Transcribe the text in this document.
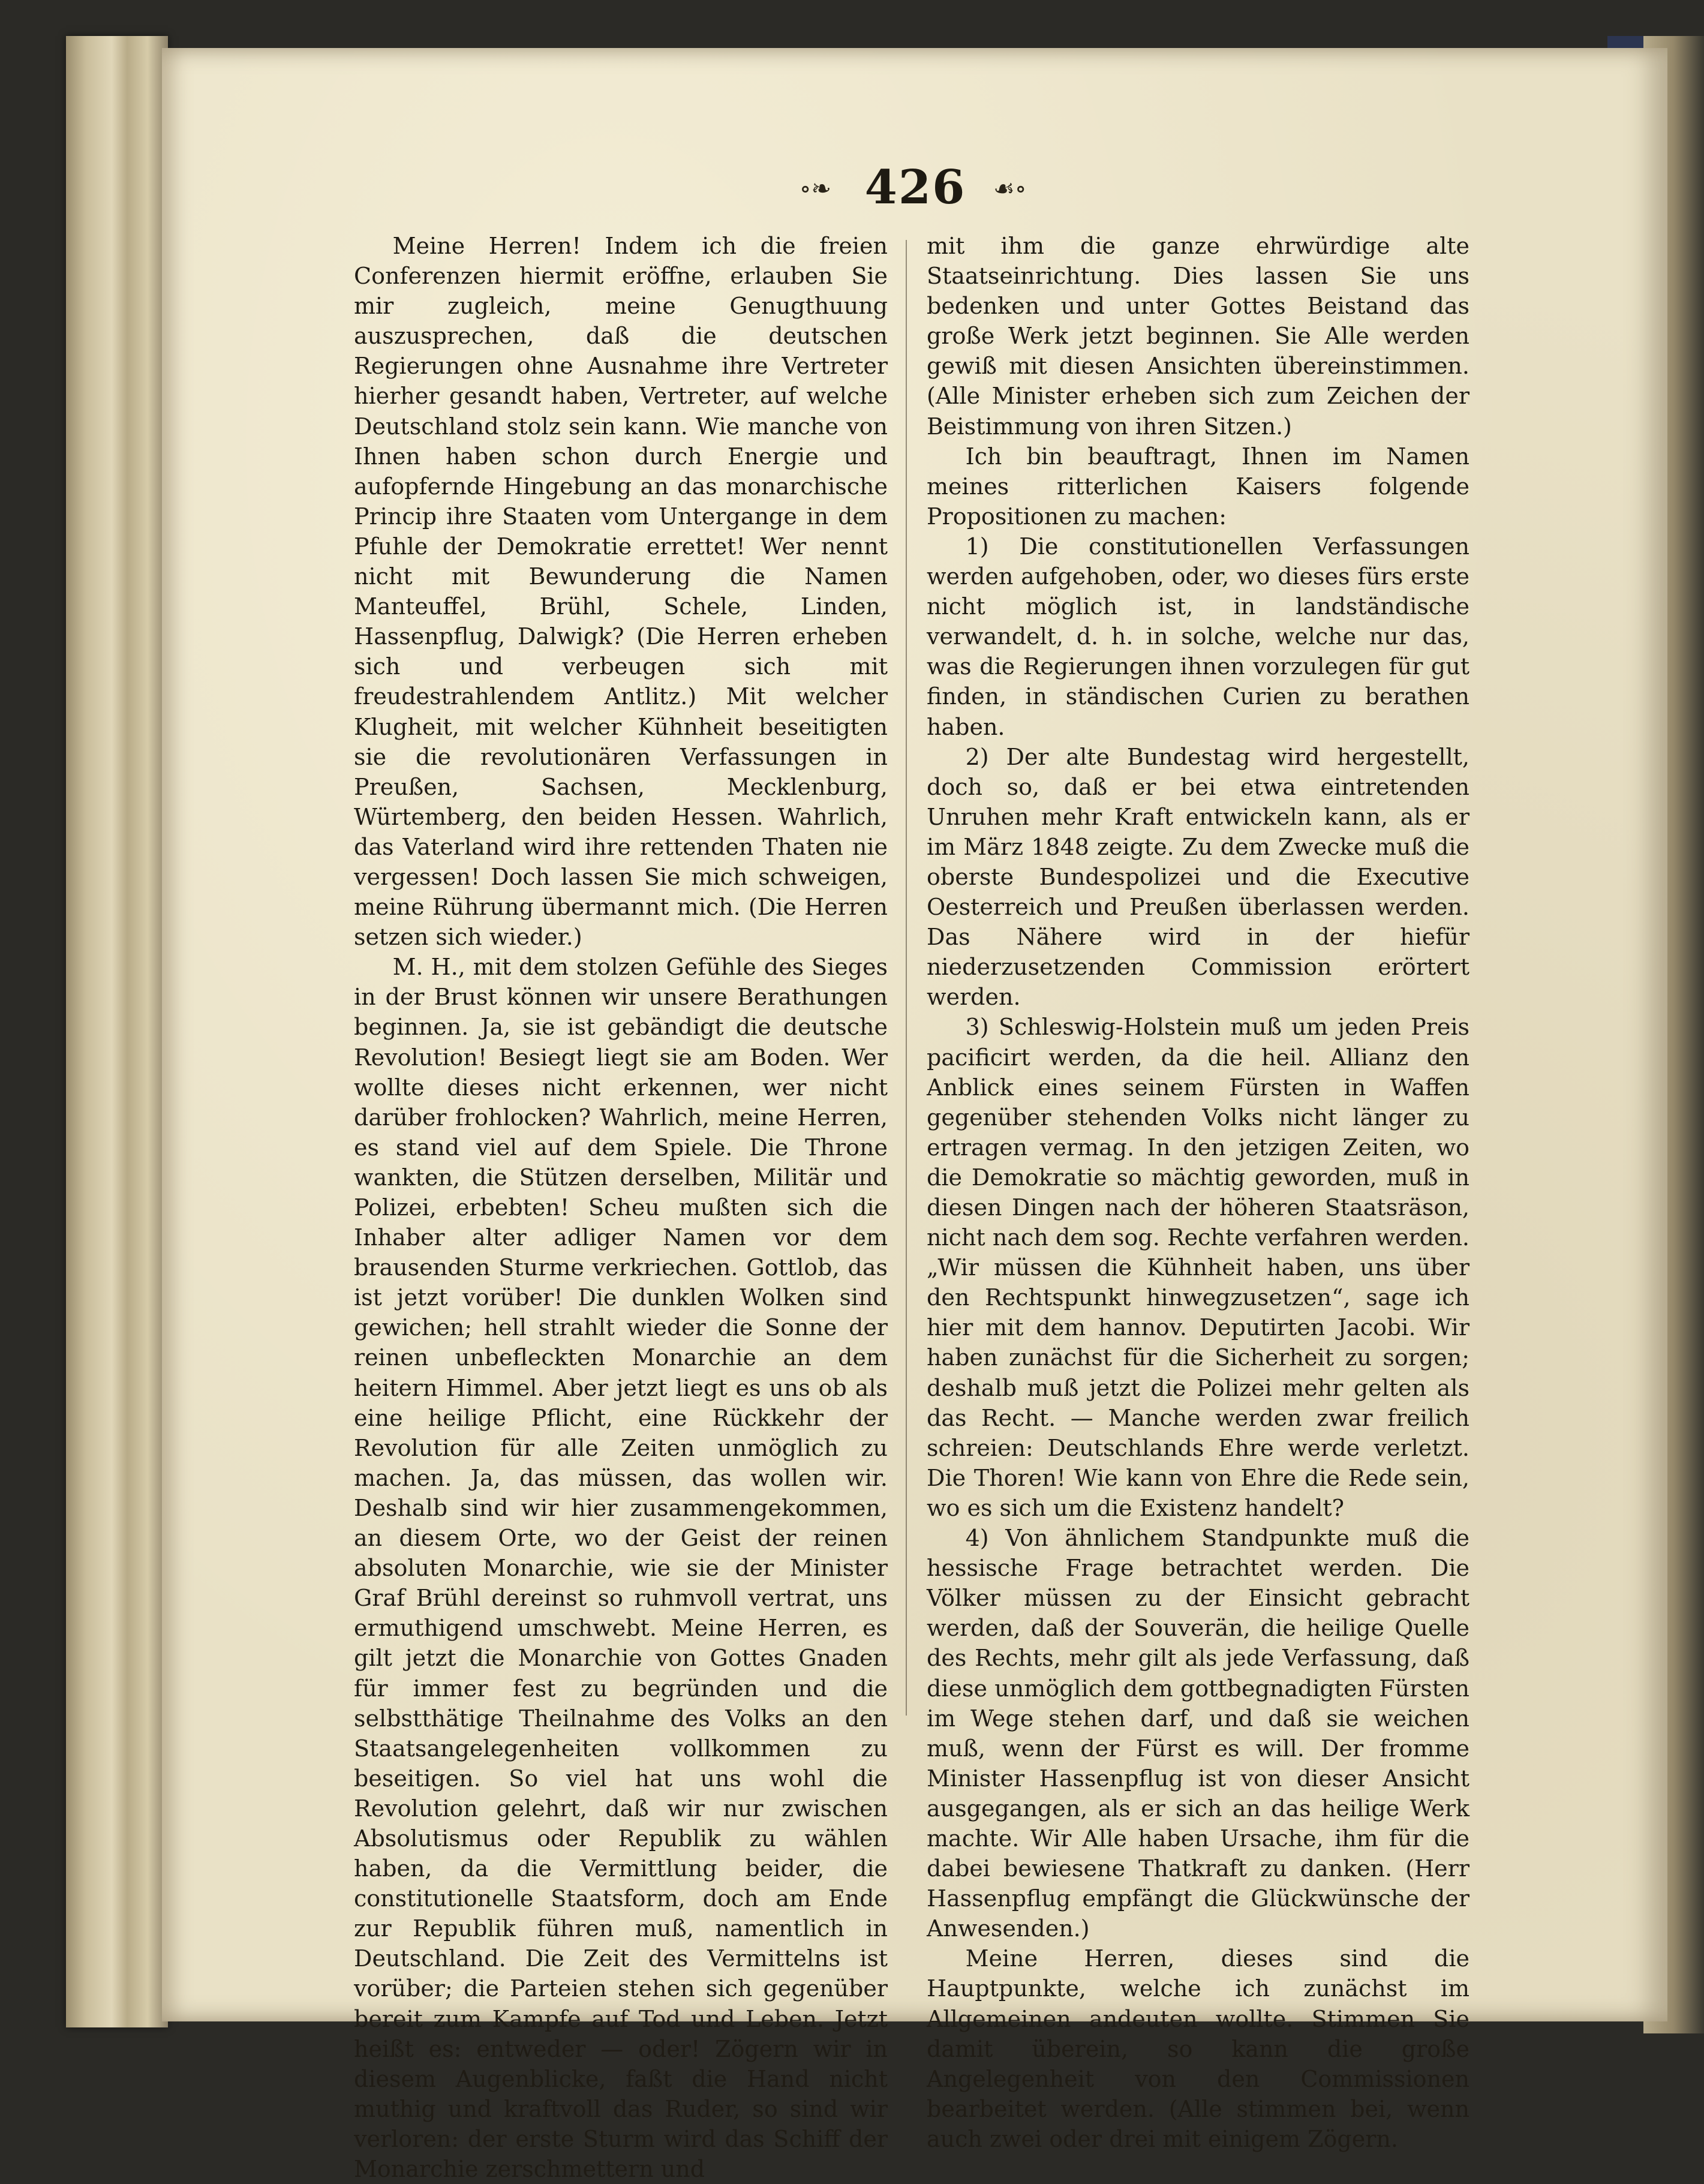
∘❧ 426	☙∘

Meine Herren! Indem ich die freien Conferenzen hiermit eröffne, erlauben Sie mir zugleich, meine Genugthuung auszusprechen, daß die deutschen Regierungen ohne Ausnahme ihre Vertreter hierher gesandt haben, Vertreter, auf welche Deutschland stolz sein kann. Wie manche von Ihnen haben schon durch Energie und aufopfernde Hingebung an das monarchische Princip ihre Staaten vom Untergange in dem Pfuhle der Demokratie errettet! Wer nennt nicht mit Bewunderung die Namen Manteuffel, Brühl, Schele, Linden, Hassenpflug, Dalwigk? (Die Herren erheben sich und verbeugen sich mit freudestrahlendem Antlitz.) Mit welcher Klugheit, mit welcher Kühnheit beseitigten sie die revolutionären Verfassungen in Preußen, Sachsen, Mecklenburg, Würtemberg, den beiden Hessen. Wahrlich, das Vaterland wird ihre rettenden Thaten nie vergessen! Doch lassen Sie mich schweigen, meine Rührung übermannt mich. (Die Herren setzen sich wieder.)

M. H., mit dem stolzen Gefühle des Sieges in der Brust können wir unsere Berathungen beginnen. Ja, sie ist gebändigt die deutsche Revolution! Besiegt liegt sie am Boden. Wer wollte dieses nicht erkennen, wer nicht darüber frohlocken? Wahrlich, meine Herren, es stand viel auf dem Spiele. Die Throne wankten, die Stützen derselben, Militär und Polizei, erbebten! Scheu mußten sich die Inhaber alter adliger Namen vor dem brausenden Sturme verkriechen. Gottlob, das ist jetzt vorüber! Die dunklen Wolken sind gewichen; hell strahlt wieder die Sonne der reinen unbefleckten Monarchie an dem heitern Himmel. Aber jetzt liegt es uns ob als eine heilige Pflicht, eine Rückkehr der Revolution für alle Zeiten unmöglich zu machen. Ja, das müssen, das wollen wir. Deshalb sind wir hier zusammengekommen, an diesem Orte, wo der Geist der reinen absoluten Monarchie, wie sie der Minister Graf Brühl dereinst so ruhmvoll vertrat, uns ermuthigend umschwebt. Meine Herren, es gilt jetzt die Monarchie von Gottes Gnaden für immer fest zu begründen und die selbstthätige Theilnahme des Volks an den Staatsangelegenheiten vollkommen zu beseitigen. So viel hat uns wohl die Revolution gelehrt, daß wir nur zwischen Absolutismus oder Republik zu wählen haben, da die Vermittlung beider, die constitutionelle Staatsform, doch am Ende zur Republik führen muß, namentlich in Deutschland. Die Zeit des Vermittelns ist vorüber; die Parteien stehen sich gegenüber bereit zum Kampfe auf Tod und Leben. Jetzt heißt es: entweder — oder! Zögern wir in diesem Augenblicke, faßt die Hand nicht muthig und kraftvoll das Ruder, so sind wir verloren: der erste Sturm wird das Schiff der Monarchie zerschmettern und

mit ihm die ganze ehrwürdige alte Staatseinrichtung. Dies lassen Sie uns bedenken und unter Gottes Beistand das große Werk jetzt beginnen. Sie Alle werden gewiß mit diesen Ansichten übereinstimmen. (Alle Minister erheben sich zum Zeichen der Beistimmung von ihren Sitzen.)

Ich bin beauftragt, Ihnen im Namen meines ritterlichen Kaisers folgende Propositionen zu machen:

1) Die constitutionellen Verfassungen werden aufgehoben, oder, wo dieses fürs erste nicht möglich ist, in landständische verwandelt, d. h. in solche, welche nur das, was die Regierungen ihnen vorzulegen für gut finden, in ständischen Curien zu berathen haben.

2) Der alte Bundestag wird hergestellt, doch so, daß er bei etwa eintretenden Unruhen mehr Kraft entwickeln kann, als er im März 1848 zeigte. Zu dem Zwecke muß die oberste Bundespolizei und die Executive Oesterreich und Preußen überlassen werden. Das Nähere wird in der hiefür niederzusetzenden Commission erörtert werden.

3) Schleswig-Holstein muß um jeden Preis pacificirt werden, da die heil. Allianz den Anblick eines seinem Fürsten in Waffen gegenüber stehenden Volks nicht länger zu ertragen vermag. In den jetzigen Zeiten, wo die Demokratie so mächtig geworden, muß in diesen Dingen nach der höheren Staatsräson, nicht nach dem sog. Rechte verfahren werden. „Wir müssen die Kühnheit haben, uns über den Rechtspunkt hinwegzusetzen“, sage ich hier mit dem hannov. Deputirten Jacobi. Wir haben zunächst für die Sicherheit zu sorgen; deshalb muß jetzt die Polizei mehr gelten als das Recht. — Manche werden zwar freilich schreien: Deutschlands Ehre werde verletzt. Die Thoren! Wie kann von Ehre die Rede sein, wo es sich um die Existenz handelt?

4) Von ähnlichem Standpunkte muß die hessische Frage betrachtet werden. Die Völker müssen zu der Einsicht gebracht werden, daß der Souverän, die heilige Quelle des Rechts, mehr gilt als jede Verfassung, daß diese unmöglich dem gottbegnadigten Fürsten im Wege stehen darf, und daß sie weichen muß, wenn der Fürst es will. Der fromme Minister Hassenpflug ist von dieser Ansicht ausgegangen, als er sich an das heilige Werk machte. Wir Alle haben Ursache, ihm für die dabei bewiesene Thatkraft zu danken. (Herr Hassenpflug empfängt die Glückwünsche der Anwesenden.)

Meine Herren, dieses sind die Hauptpunkte, welche ich zunächst im Allgemeinen andeuten wollte. Stimmen Sie damit überein, so kann die große Angelegenheit von den Commissionen bearbeitet werden. (Alle stimmen bei, wenn auch zwei oder drei mit einigem Zögern.
